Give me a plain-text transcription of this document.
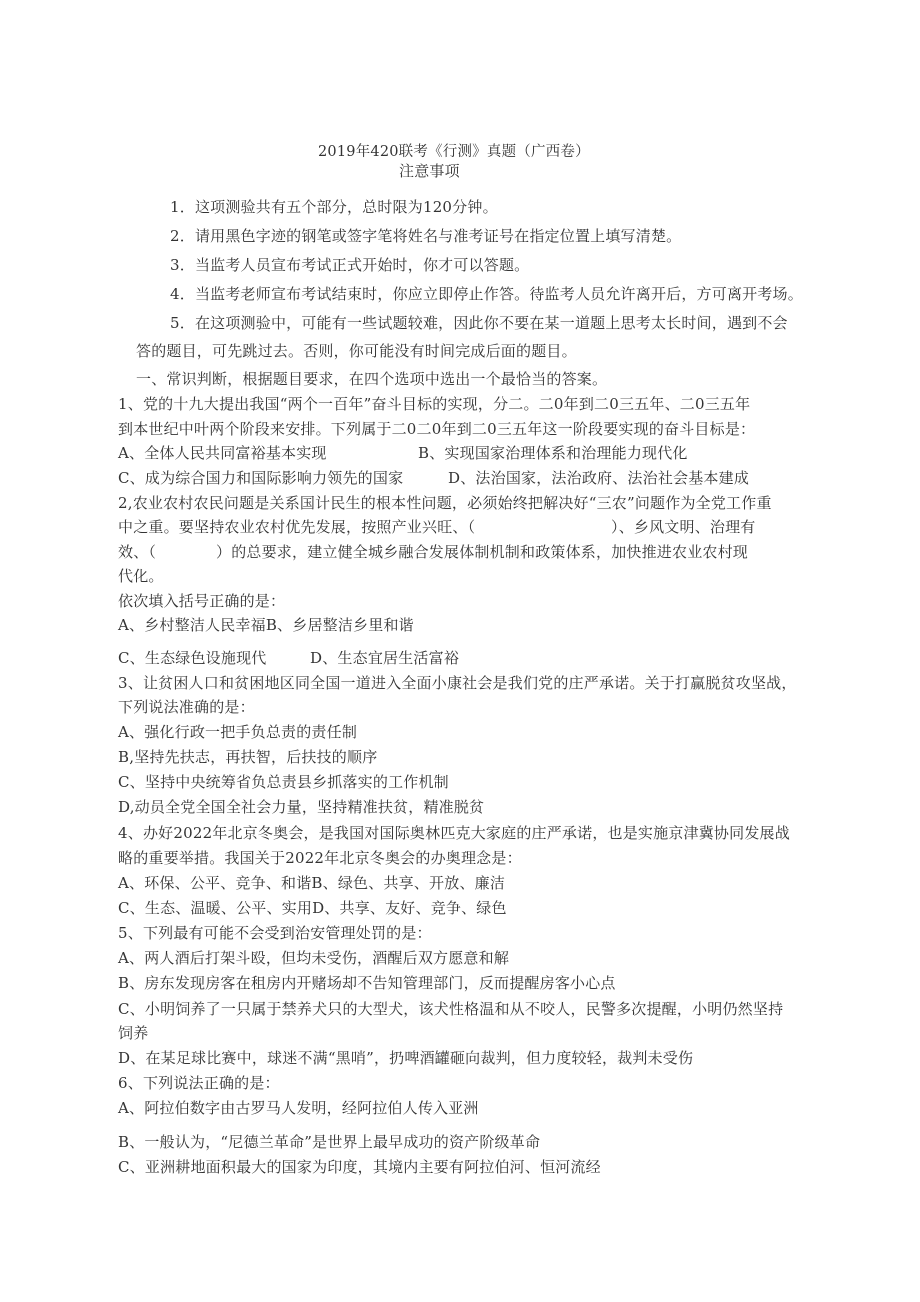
2019年420联考《行测》真题（广西卷）
注意事项
1．这项测验共有五个部分，总时限为120分钟。
2．请用黑色字迹的钢笔或签字笔将姓名与准考证号在指定位置上填写清楚。
3．当监考人员宣布考试正式开始时，你才可以答题。
4．当监考老师宣布考试结束时，你应立即停止作答。待监考人员允许离开后，方可离开考场。
5．在这项测验中，可能有一些试题较难，因此你不要在某一道题上思考太长时间，遇到不会
答的题目，可先跳过去。否则，你可能没有时间完成后面的题目。
一、常识判断，根据题目要求，在四个选项中选出一个最恰当的答案。
1、党的十九大提出我国“两个一百年”奋斗目标的实现，分二。二0年到二0三五年、二0三五年
到本世纪中叶两个阶段来安排。下列属于二0二0年到二0三五年这一阶段要实现的奋斗目标是：
A、全体人民共同富裕基本实现	B、实现国家治理体系和治理能力现代化
C、成为综合国力和国际影响力领先的国家	D、法治国家，法治政府、法治社会基本建成
2,农业农村农民问题是关系国计民生的根本性问题，必须始终把解决好“三农”问题作为全党工作重
中之重。要坚持农业农村优先发展，按照产业兴旺、（	）、乡风文明、治理有
效、（	）的总要求，建立健全城乡融合发展体制机制和政策体系，加快推进农业农村现
代化。
依次填入括号正确的是：
A、乡村整洁人民幸福B、乡居整洁乡里和谐
C、生态绿色设施现代	D、生态宜居生活富裕
3、让贫困人口和贫困地区同全国一道进入全面小康社会是我们党的庄严承诺。关于打赢脱贫攻坚战，
下列说法准确的是：
A、强化行政一把手负总责的责任制
B,坚持先扶志，再扶智，后扶技的顺序
C、坚持中央统筹省负总责县乡抓落实的工作机制
D,动员全党全国全社会力量，坚持精准扶贫，精准脱贫
4、办好2022年北京冬奥会，是我国对国际奥林匹克大家庭的庄严承诺，也是实施京津冀协同发展战
略的重要举措。我国关于2022年北京冬奥会的办奥理念是：
A、环保、公平、竞争、和谐B、绿色、共享、开放、廉洁
C、生态、温暖、公平、实用D、共享、友好、竞争、绿色
5、下列最有可能不会受到治安管理处罚的是：
A、两人酒后打架斗殴，但均未受伤，酒醒后双方愿意和解
B、房东发现房客在租房内开赌场却不告知管理部门，反而提醒房客小心点
C、小明饲养了一只属于禁养犬只的大型犬，该犬性格温和从不咬人，民警多次提醒，小明仍然坚持
饲养
D、在某足球比赛中，球迷不满“黑哨”，扔啤酒罐砸向裁判，但力度较轻，裁判未受伤
6、下列说法正确的是：
A、阿拉伯数字由古罗马人发明，经阿拉伯人传入亚洲
B、一般认为，“尼德兰革命”是世界上最早成功的资产阶级革命
C、亚洲耕地面积最大的国家为印度，其境内主要有阿拉伯河、恒河流经
